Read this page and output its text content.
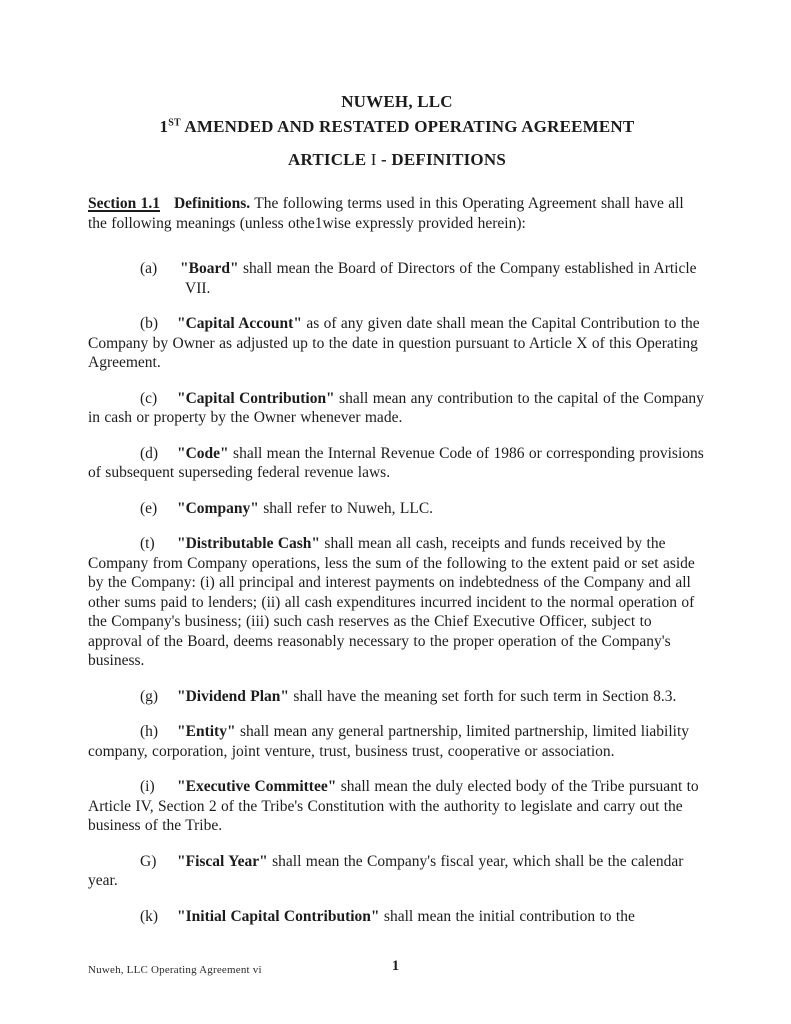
NUWEH, LLC
1ST AMENDED AND RESTATED OPERATING AGREEMENT
ARTICLE I - DEFINITIONS

Section 1.1 Definitions. The following terms used in this Operating Agreement shall have all the following meanings (unless othe1wise expressly provided herein):

(a) "Board" shall mean the Board of Directors of the Company established in Article VII.

(b) "Capital Account" as of any given date shall mean the Capital Contribution to the Company by Owner as adjusted up to the date in question pursuant to Article X of this Operating Agreement.

(c) "Capital Contribution" shall mean any contribution to the capital of the Company in cash or property by the Owner whenever made.

(d) "Code" shall mean the Internal Revenue Code of 1986 or corresponding provisions of subsequent superseding federal revenue laws.

(e) "Company" shall refer to Nuweh, LLC.

(t) "Distributable Cash" shall mean all cash, receipts and funds received by the Company from Company operations, less the sum of the following to the extent paid or set aside by the Company: (i) all principal and interest payments on indebtedness of the Company and all other sums paid to lenders; (ii) all cash expenditures incurred incident to the normal operation of the Company's business; (iii) such cash reserves as the Chief Executive Officer, subject to approval of the Board, deems reasonably necessary to the proper operation of the Company's business.

(g) "Dividend Plan" shall have the meaning set forth for such term in Section 8.3.

(h) "Entity" shall mean any general partnership, limited partnership, limited liability company, corporation, joint venture, trust, business trust, cooperative or association.

(i) "Executive Committee" shall mean the duly elected body of the Tribe pursuant to Article IV, Section 2 of the Tribe's Constitution with the authority to legislate and carry out the business of the Tribe.

G) "Fiscal Year" shall mean the Company's fiscal year, which shall be the calendar year.

(k) "Initial Capital Contribution" shall mean the initial contribution to the

1
Nuweh, LLC Operating Agreement vi
